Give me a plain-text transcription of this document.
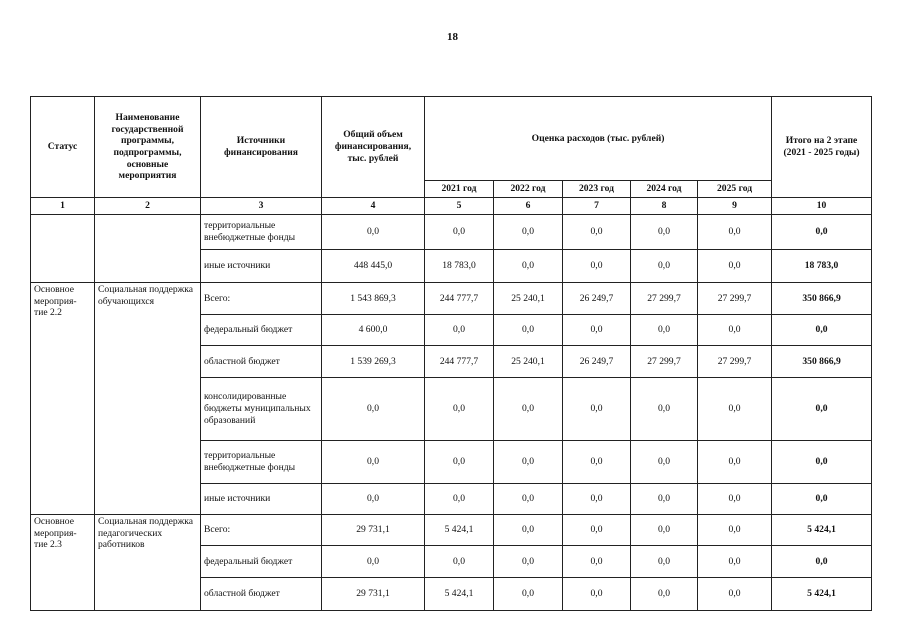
18
Статус	Наименование государственной программы, подпрограммы, основные мероприятия	Источники финансирования	Общий объем финансирования, тыс. рублей	Оценка расходов (тыс. рублей)					Итого на 2 этапе (2021 - 2025 годы)
				2021 год	2022 год	2023 год	2024 год	2025 год	
1	2	3	4	5	6	7	8	9	10
		территориальные внебюджетные фонды	0,0	0,0	0,0	0,0	0,0	0,0	0,0
		иные источники	448 445,0	18 783,0	0,0	0,0	0,0	0,0	18 783,0
Основное мероприя- тие 2.2	Социальная поддержка обучающихся	Всего:	1 543 869,3	244 777,7	25 240,1	26 249,7	27 299,7	27 299,7	350 866,9
		федеральный бюджет	4 600,0	0,0	0,0	0,0	0,0	0,0	0,0
		областной бюджет	1 539 269,3	244 777,7	25 240,1	26 249,7	27 299,7	27 299,7	350 866,9
		консолидированные бюджеты муниципальных образований	0,0	0,0	0,0	0,0	0,0	0,0	0,0
		территориальные внебюджетные фонды	0,0	0,0	0,0	0,0	0,0	0,0	0,0
		иные источники	0,0	0,0	0,0	0,0	0,0	0,0	0,0
Основное мероприя- тие 2.3	Социальная поддержка педагогических работников	Всего:	29 731,1	5 424,1	0,0	0,0	0,0	0,0	5 424,1
		федеральный бюджет	0,0	0,0	0,0	0,0	0,0	0,0	0,0
		областной бюджет	29 731,1	5 424,1	0,0	0,0	0,0	0,0	5 424,1
